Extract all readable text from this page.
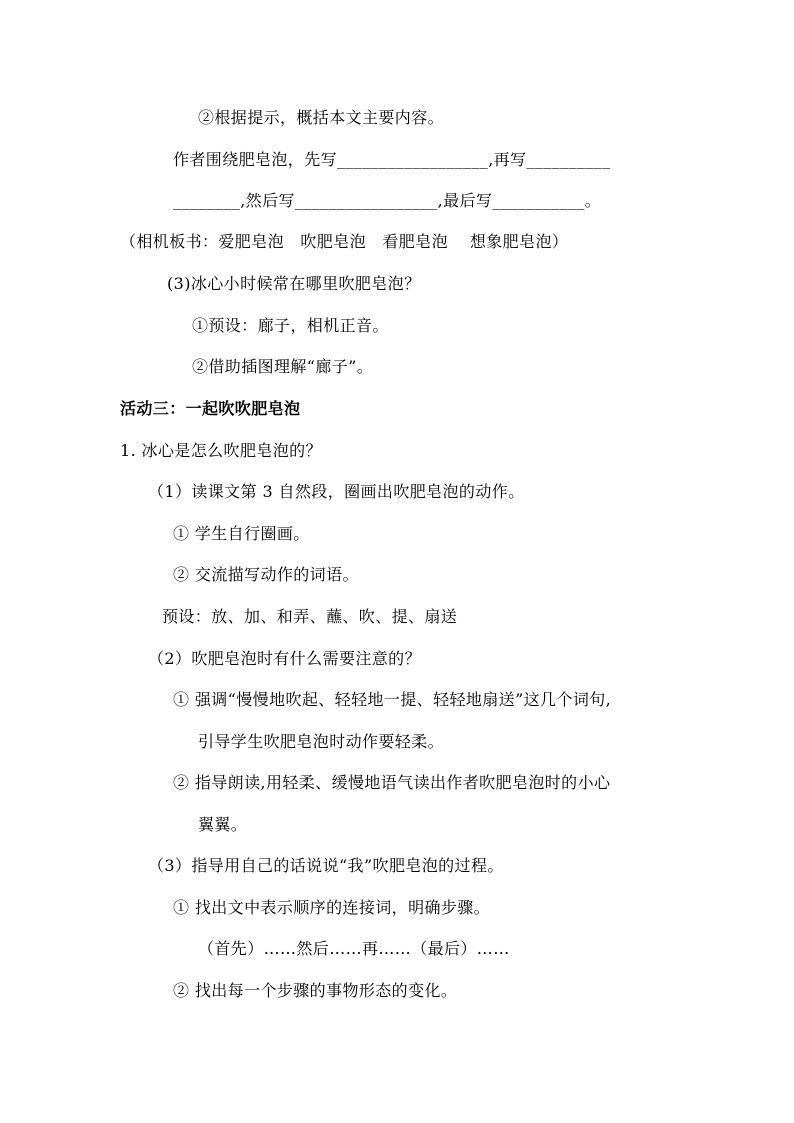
②根据提示，概括本文主要内容。
作者围绕肥皂泡，先写__________________,再写__________
________,然后写_________________,最后写___________。
（相机板书：爱肥皂泡　吹肥皂泡　看肥皂泡　 想象肥皂泡）
(3)冰心小时候常在哪里吹肥皂泡？
①预设：廊子，相机正音。
②借助插图理解“廊子”。
活动三：一起吹吹肥皂泡
1. 冰心是怎么吹肥皂泡的？
（1）读课文第 3 自然段，圈画出吹肥皂泡的动作。
① 学生自行圈画。
② 交流描写动作的词语。
预设：放、加、和弄、蘸、吹、提、扇送
（2）吹肥皂泡时有什么需要注意的？
① 强调“慢慢地吹起、轻轻地一提、轻轻地扇送”这几个词句,
引导学生吹肥皂泡时动作要轻柔。
② 指导朗读,用轻柔、缓慢地语气读出作者吹肥皂泡时的小心
翼翼。
（3）指导用自己的话说说“我”吹肥皂泡的过程。
① 找出文中表示顺序的连接词，明确步骤。
（首先）……然后……再……（最后）……
② 找出每一个步骤的事物形态的变化。
